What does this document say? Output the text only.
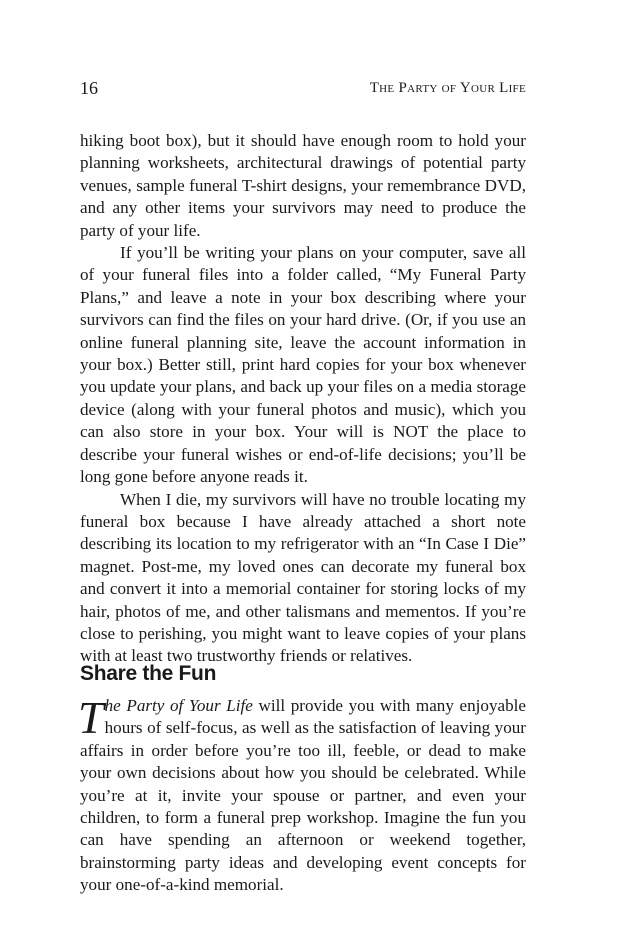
16	The Party of Your Life

hiking boot box), but it should have enough room to hold your planning worksheets, architectural drawings of potential party venues, sample funeral T-shirt designs, your remembrance DVD, and any other items your survivors may need to produce the party of your life.

If you’ll be writing your plans on your computer, save all of your funeral files into a folder called, “My Funeral Party Plans,” and leave a note in your box describing where your survivors can find the files on your hard drive. (Or, if you use an online funeral planning site, leave the account information in your box.) Better still, print hard copies for your box whenever you update your plans, and back up your files on a media storage device (along with your funeral photos and music), which you can also store in your box. Your will is NOT the place to describe your funeral wishes or end-of-life decisions; you’ll be long gone before anyone reads it.

When I die, my survivors will have no trouble locating my funeral box because I have already attached a short note describing its location to my refrigerator with an “In Case I Die” magnet. Post-me, my loved ones can decorate my funeral box and convert it into a memorial container for storing locks of my hair, photos of me, and other talismans and mementos. If you’re close to perishing, you might want to leave copies of your plans with at least two trustworthy friends or relatives.

Share the Fun

The Party of Your Life will provide you with many enjoyable hours of self-focus, as well as the satisfaction of leaving your affairs in order before you’re too ill, feeble, or dead to make your own decisions about how you should be celebrated. While you’re at it, invite your spouse or partner, and even your children, to form a funeral prep workshop. Imagine the fun you can have spending an afternoon or weekend together, brainstorming party ideas and developing event concepts for your one-of-a-kind memorial.
